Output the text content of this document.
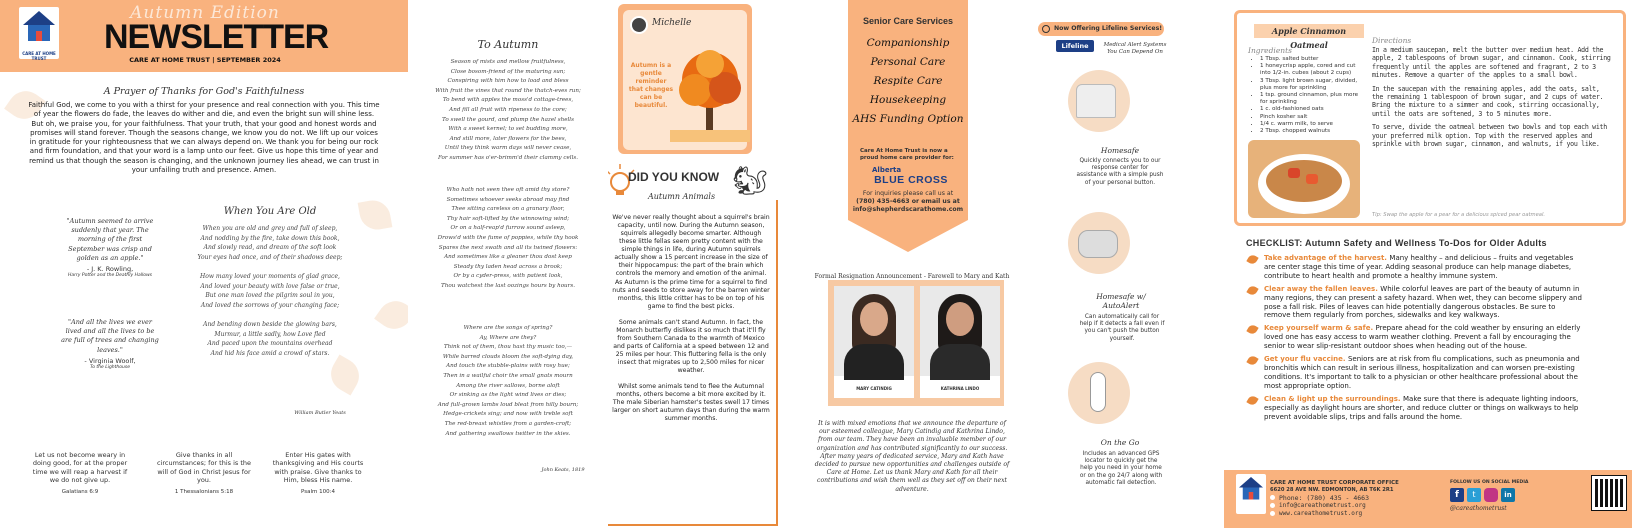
CARE AT HOME TRUST
Autumn Edition
NEWSLETTER
CARE AT HOME TRUST | SEPTEMBER 2024
A Prayer of Thanks for God's Faithfulness
Faithful God, we come to you with a thirst for your presence and real connection with you. This time of year the flowers do fade, the leaves do wither and die, and even the bright sun will shine less. But oh, we praise you, for your faithfulness. That your truth, that your good and honest words and promises will stand forever. Though the seasons change, we know you do not. We lift up our voices in gratitude for your righteousness that we can always depend on. We thank you for being our rock and firm foundation, and that your word is a lamp unto our feet. Give us hope this time of year and remind us that though the season is changing, and the unknown journey lies ahead, we can trust in your unfailing truth and presence. Amen.
"Autumn seemed to arrive suddenly that year. The morning of the first September was crisp and golden as an apple."
- J. K. Rowling,
Harry Potter and the Deathly Hallows
"And all the lives we ever lived and all the lives to be are full of trees and changing leaves."
- Virginia Woolf,
To the Lighthouse
When You Are Old
When you are old and grey and full of sleep,
And nodding by the fire, take down this book,
And slowly read, and dream of the soft look
Your eyes had once, and of their shadows deep;

How many loved your moments of glad grace,
And loved your beauty with love false or true,
But one man loved the pilgrim soul in you,
And loved the sorrows of your changing face;

And bending down beside the glowing bars,
Murmur, a little sadly, how Love fled
And paced upon the mountains overhead
And hid his face amid a crowd of stars.
William Butler Yeats
Let us not become weary in doing good, for at the proper time we will reap a harvest if we do not give up.
Galatians 6:9
Give thanks in all circumstances; for this is the will of God in Christ Jesus for you.
1 Thessalonians 5:18
Enter His gates with thanksgiving and His courts with praise. Give thanks to Him, bless His name.
Psalm 100:4
To Autumn
Season of mists and mellow fruitfulness,
Close bosom-friend of the maturing sun;
Conspiring with him how to load and bless
With fruit the vines that round the thatch-eves run;
To bend with apples the moss'd cottage-trees,
And fill all fruit with ripeness to the core;
To swell the gourd, and plump the hazel shells
With a sweet kernel; to set budding more,
And still more, later flowers for the bees,
Until they think warm days will never cease,
For summer has o'er-brimm'd their clammy cells.
Who hath not seen thee oft amid thy store?
Sometimes whoever seeks abroad may find
Thee sitting careless on a granary floor,
Thy hair soft-lifted by the winnowing wind;
Or on a half-reap'd furrow sound asleep,
Drows'd with the fume of poppies, while thy hook
Spares the next swath and all its twined flowers:
And sometimes like a gleaner thou dost keep
Steady thy laden head across a brook;
Or by a cyder-press, with patient look,
Thou watchest the last oozings hours by hours.
Where are the songs of spring?
Ay, Where are they?
Think not of them, thou hast thy music too,—
While barred clouds bloom the soft-dying day,
And touch the stubble-plains with rosy hue;
Then in a wailful choir the small gnats mourn
Among the river sallows, borne aloft
Or sinking as the light wind lives or dies;
And full-grown lambs loud bleat from hilly bourn;
Hedge-crickets sing; and now with treble soft
The red-breast whistles from a garden-croft;
And gathering swallows twitter in the skies.
John Keats, 1819
Michelle
Autumn is a gentle reminder that changes can be beautiful.
DID YOU KNOW 🐿
Autumn Animals
We've never really thought about a squirrel's brain capacity, until now. During the Autumn season, squirrels allegedly become smarter. Although these little fellas seem pretty content with the simple things in life, during Autumn squirrels actually show a 15 percent increase in the size of their hippocampus: the part of the brain which controls the memory and emotion of the animal.
As Autumn is the prime time for a squirrel to find nuts and seeds to store away for the barren winter months, this little critter has to be on top of his game to find the best picks.
Some animals can't stand Autumn. In fact, the Monarch butterfly dislikes it so much that it'll fly from Southern Canada to the warmth of Mexico and parts of California at a speed between 12 and 25 miles per hour. This fluttering fella is the only insect that migrates up to 2,500 miles for nicer weather.
Whilst some animals tend to flee the Autumnal months, others become a bit more excited by it. The male Siberian hamster's testes swell 17 times larger on short autumn days than during the warm summer months.
Senior Care Services
Companionship
Personal Care
Respite Care
Housekeeping
AHS Funding Option
Care At Home Trust is now a proud home care provider for:
Alberta
BLUE CROSS
For inquiries please call us at
(780) 435-4663 or email us at
info@shepherdscarathome.com
Formal Resignation Announcement - Farewell to Mary and Kath
MARY CATINDIG	KATHRINA LINDO
It is with mixed emotions that we announce the departure of our esteemed colleague, Mary Catindig and Kathrina Lindo, from our team. They have been an invaluable member of our organization and has contributed significantly to our success. After many years of dedicated service, Mary and Kath have decided to pursue new opportunities and challenges outside of Care at Home. Let us thank Mary and Kath for all their contributions and wish them well as they set off on their next adventure.
Now Offering Lifeline Services!
Lifeline	Medical Alert Systems You Can Depend On
Homesafe
Quickly connects you to our response center for assistance with a simple push of your personal button.
Homesafe w/ AutoAlert
Can automatically call for help if it detects a fall even if you can't push the button yourself.
On the Go
Includes an advanced GPS locator to quickly get the help you need in your home or on the go 24/7 along with automatic fall detection.
Apple Cinnamon Oatmeal
Ingredients
• 1 Tbsp. salted butter
• 1 honeycrisp apple, cored and cut into 1/2-in. cubes (about 2 cups)
• 3 Tbsp. light brown sugar, divided, plus more for sprinkling
• 1 tsp. ground cinnamon, plus more for sprinkling
• 1 c. old-fashioned oats
• Pinch kosher salt
• 1/4 c. warm milk, to serve
• 2 Tbsp. chopped walnuts
Directions
In a medium saucepan, melt the butter over medium heat. Add the apple, 2 tablespoons of brown sugar, and cinnamon. Cook, stirring frequently until the apples are softened and fragrant, 2 to 3 minutes. Remove a quarter of the apples to a small bowl.
In the saucepan with the remaining apples, add the oats, salt, the remaining 1 tablespoon of brown sugar, and 2 cups of water. Bring the mixture to a simmer and cook, stirring occasionally, until the oats are softened, 3 to 5 minutes more.
To serve, divide the oatmeal between two bowls and top each with your preferred milk option. Top with the reserved apples and sprinkle with brown sugar, cinnamon, and walnuts, if you like.
Tip: Swap the apple for a pear for a delicious spiced pear oatmeal.
CHECKLIST: Autumn Safety and Wellness To-Dos for Older Adults
Take advantage of the harvest. Many healthy – and delicious – fruits and vegetables are center stage this time of year. Adding seasonal produce can help manage diabetes, contribute to heart health and promote a healthy immune system.
Clear away the fallen leaves. While colorful leaves are part of the beauty of autumn in many regions, they can present a safety hazard. When wet, they can become slippery and pose a fall risk. Piles of leaves can hide potentially dangerous obstacles. Be sure to remove them regularly from porches, sidewalks and key walkways.
Keep yourself warm & safe. Prepare ahead for the cold weather by ensuring an elderly loved one has easy access to warm weather clothing. Prevent a fall by encouraging the senior to wear slip-resistant outdoor shoes when heading out of the house.
Get your flu vaccine. Seniors are at risk from flu complications, such as pneumonia and bronchitis which can result in serious illness, hospitalization and can worsen pre-existing conditions. It's important to talk to a physician or other healthcare professional about the most appropriate option.
Clean & light up the surroundings. Make sure that there is adequate lighting indoors, especially as daylight hours are shorter, and reduce clutter or things on walkways to help prevent avoidable slips, trips and falls around the home.
CARE AT HOME TRUST CORPORATE OFFICE
6620 28 AVE NW. EDMONTON, AB T6K 2R1
Phone: (780) 435 - 4663
info@careathometrust.org
www.careathometrust.org
FOLLOW US ON SOCIAL MEDIA
f	t	in
@careathometrust
